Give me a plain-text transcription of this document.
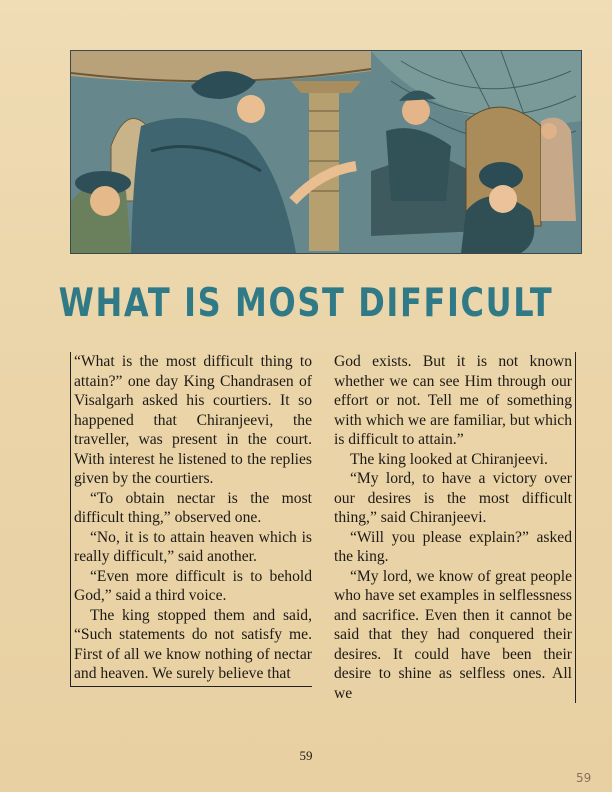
WHAT IS MOST DIFFICULT

“What is the most difficult thing to attain?” one day King Chandrasen of Visalgarh asked his courtiers. It so happened that Chiranjeevi, the traveller, was present in the court. With interest he listened to the replies given by the courtiers.

“To obtain nectar is the most difficult thing,” observed one.

“No, it is to attain heaven which is really difficult,” said another.

“Even more difficult is to behold God,” said a third voice.

The king stopped them and said, “Such statements do not satisfy me. First of all we know nothing of nectar and heaven. We surely believe that

God exists. But it is not known whether we can see Him through our effort or not. Tell me of something with which we are familiar, but which is difficult to attain.”

The king looked at Chiranjeevi.

“My lord, to have a victory over our desires is the most difficult thing,” said Chiranjeevi.

“Will you please explain?” asked the king.

“My lord, we know of great people who have set examples in selflessness and sacrifice. Even then it cannot be said that they had conquered their desires. It could have been their desire to shine as selfless ones. All we

59
59
